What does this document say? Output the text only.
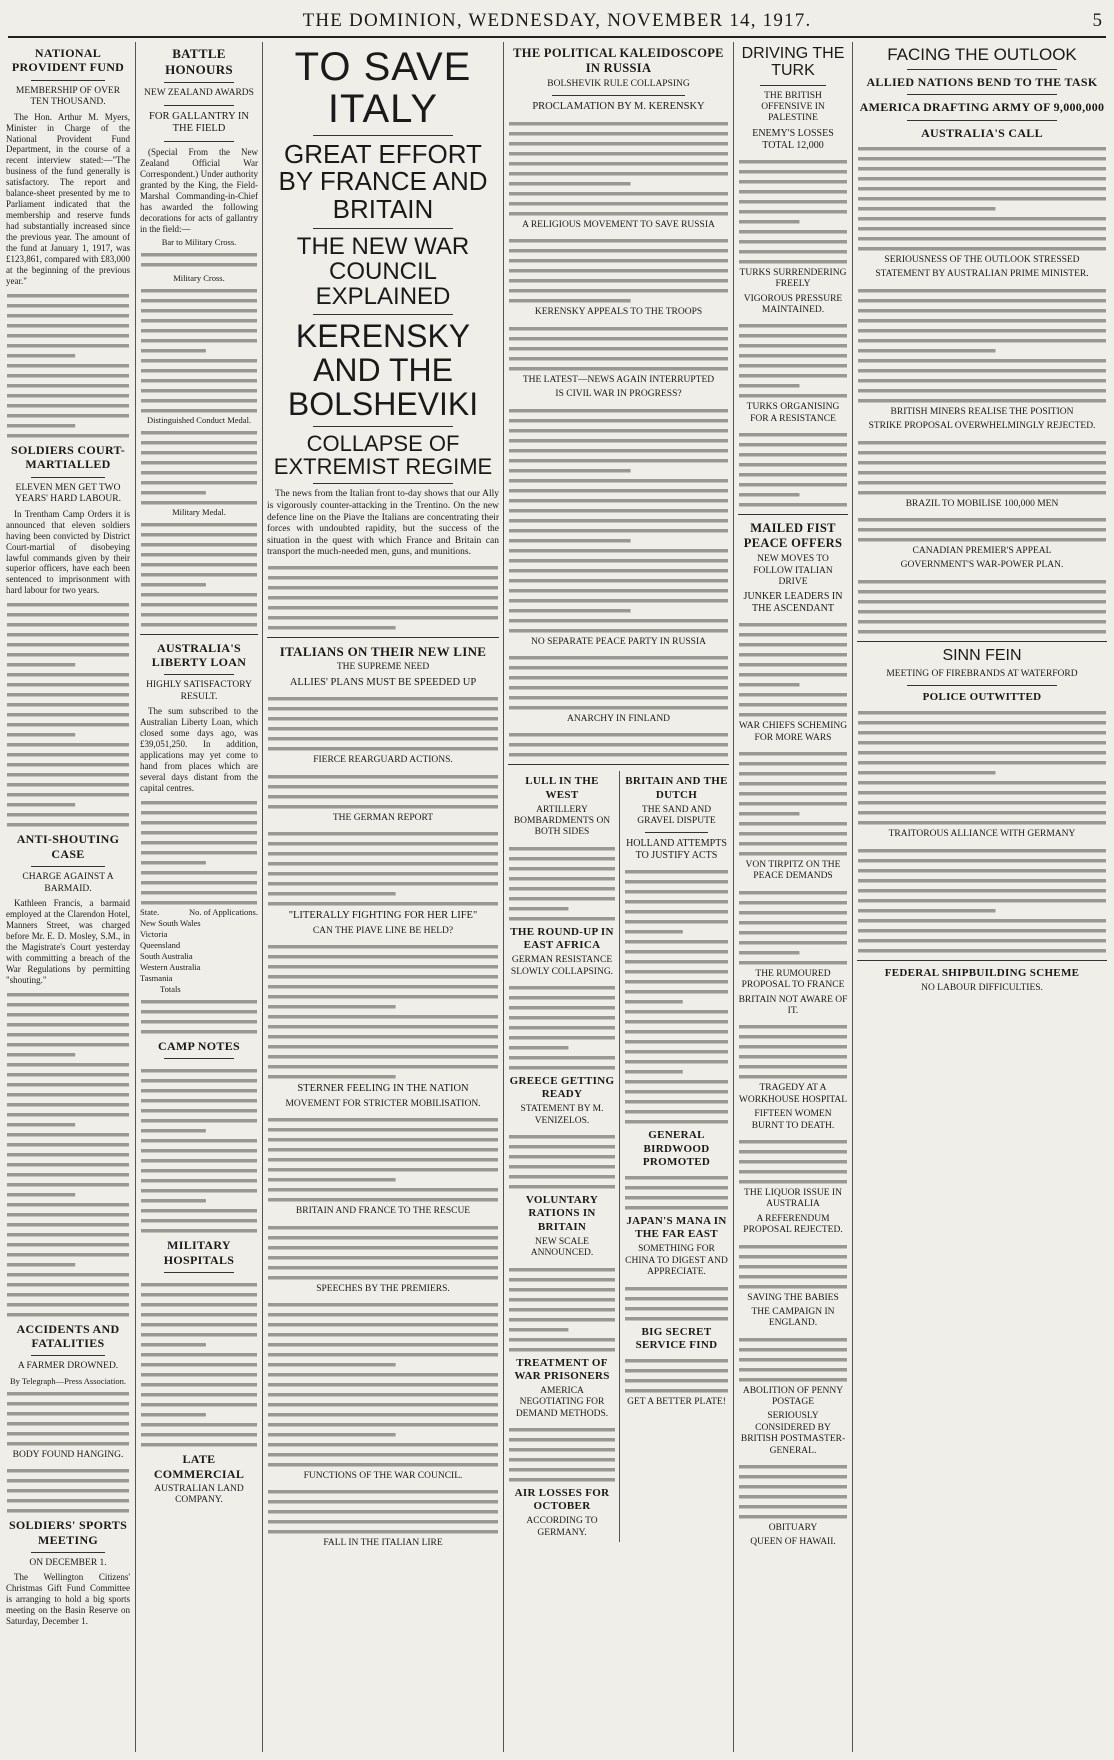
THE DOMINION, WEDNESDAY, NOVEMBER 14, 1917.	5
NATIONAL PROVIDENT FUND
MEMBERSHIP OF OVER TEN THOUSAND.
The Hon. Arthur M. Myers, Minister in Charge of the National Provident Fund Department, in the course of a recent interview stated:—"The business of the fund generally is satisfactory. The report and balance-sheet presented by me to Parliament indicated that the membership and reserve funds had substantially increased since the previous year. The amount of the fund at January 1, 1917, was £123,861, compared with £83,000 at the beginning of the previous year."
SOLDIERS COURT-MARTIALLED
ELEVEN MEN GET TWO YEARS' HARD LABOUR.
In Trentham Camp Orders it is announced that eleven soldiers having been convicted by District Court-martial of disobeying lawful commands given by their superior officers, have each been sentenced to imprisonment with hard labour for two years.
ANTI-SHOUTING CASE
CHARGE AGAINST A BARMAID.
Kathleen Francis, a barmaid employed at the Clarendon Hotel, Manners Street, was charged before Mr. E. D. Mosley, S.M., in the Magistrate's Court yesterday with committing a breach of the War Regulations by permitting "shouting."
ACCIDENTS AND FATALITIES
A FARMER DROWNED.
By Telegraph—Press Association.
BODY FOUND HANGING.
SOLDIERS' SPORTS MEETING
ON DECEMBER 1.
The Wellington Citizens' Christmas Gift Fund Committee is arranging to hold a big sports meeting on the Basin Reserve on Saturday, December 1.
BATTLE HONOURS
NEW ZEALAND AWARDS
FOR GALLANTRY IN THE FIELD
(Special From the New Zealand Official War Correspondent.) Under authority granted by the King, the Field-Marshal Commanding-in-Chief has awarded the following decorations for acts of gallantry in the field:—
Bar to Military Cross.
Military Cross.
Distinguished Conduct Medal.
Military Medal.
AUSTRALIA'S LIBERTY LOAN
HIGHLY SATISFACTORY RESULT.
The sum subscribed to the Australian Liberty Loan, which closed some days ago, was £39,051,250. In addition, applications may yet come to hand from places which are several days distant from the capital centres.
State.	No. of Applications.
New South Wales
Victoria
Queensland
South Australia
Western Australia
Tasmania
Totals
CAMP NOTES
MILITARY HOSPITALS
LATE COMMERCIAL
AUSTRALIAN LAND COMPANY.
TO SAVE ITALY
GREAT EFFORT BY FRANCE AND BRITAIN
THE NEW WAR COUNCIL EXPLAINED
KERENSKY AND THE BOLSHEVIKI
COLLAPSE OF EXTREMIST REGIME
The news from the Italian front to-day shows that our Ally is vigorously counter-attacking in the Trentino. On the new defence line on the Piave the Italians are concentrating their forces with undoubted rapidity, but the success of the situation in the quest with which France and Britain can transport the much-needed men, guns, and munitions.
ITALIANS ON THEIR NEW LINE
THE SUPREME NEED
ALLIES' PLANS MUST BE SPEEDED UP
FIERCE REARGUARD ACTIONS.
THE GERMAN REPORT
"LITERALLY FIGHTING FOR HER LIFE"
CAN THE PIAVE LINE BE HELD?
STERNER FEELING IN THE NATION
MOVEMENT FOR STRICTER MOBILISATION.
BRITAIN AND FRANCE TO THE RESCUE
SPEECHES BY THE PREMIERS.
FUNCTIONS OF THE WAR COUNCIL.
FALL IN THE ITALIAN LIRE
THE POLITICAL KALEIDOSCOPE IN RUSSIA
BOLSHEVIK RULE COLLAPSING
PROCLAMATION BY M. KERENSKY
A RELIGIOUS MOVEMENT TO SAVE RUSSIA
KERENSKY APPEALS TO THE TROOPS
THE LATEST—NEWS AGAIN INTERRUPTED
IS CIVIL WAR IN PROGRESS?
NO SEPARATE PEACE PARTY IN RUSSIA
ANARCHY IN FINLAND
LULL IN THE WEST
ARTILLERY BOMBARDMENTS ON BOTH SIDES
THE ROUND-UP IN EAST AFRICA
GERMAN RESISTANCE SLOWLY COLLAPSING.
GREECE GETTING READY
STATEMENT BY M. VENIZELOS.
VOLUNTARY RATIONS IN BRITAIN
NEW SCALE ANNOUNCED.
TREATMENT OF WAR PRISONERS
AMERICA NEGOTIATING FOR DEMAND METHODS.
AIR LOSSES FOR OCTOBER
ACCORDING TO GERMANY.
BRITAIN AND THE DUTCH
THE SAND AND GRAVEL DISPUTE
HOLLAND ATTEMPTS TO JUSTIFY ACTS
GENERAL BIRDWOOD PROMOTED
JAPAN'S MANA IN THE FAR EAST
SOMETHING FOR CHINA TO DIGEST AND APPRECIATE.
BIG SECRET SERVICE FIND
GET A BETTER PLATE!
DRIVING THE TURK
THE BRITISH OFFENSIVE IN PALESTINE
ENEMY'S LOSSES TOTAL 12,000
TURKS SURRENDERING FREELY
VIGOROUS PRESSURE MAINTAINED.
TURKS ORGANISING FOR A RESISTANCE
MAILED FIST PEACE OFFERS
NEW MOVES TO FOLLOW ITALIAN DRIVE
JUNKER LEADERS IN THE ASCENDANT
WAR CHIEFS SCHEMING FOR MORE WARS
VON TIRPITZ ON THE PEACE DEMANDS
THE RUMOURED PROPOSAL TO FRANCE
BRITAIN NOT AWARE OF IT.
TRAGEDY AT A WORKHOUSE HOSPITAL
FIFTEEN WOMEN BURNT TO DEATH.
THE LIQUOR ISSUE IN AUSTRALIA
A REFERENDUM PROPOSAL REJECTED.
SAVING THE BABIES
THE CAMPAIGN IN ENGLAND.
ABOLITION OF PENNY POSTAGE
SERIOUSLY CONSIDERED BY BRITISH POSTMASTER-GENERAL.
OBITUARY
QUEEN OF HAWAII.
FACING THE OUTLOOK
ALLIED NATIONS BEND TO THE TASK
AMERICA DRAFTING ARMY OF 9,000,000
AUSTRALIA'S CALL
SERIOUSNESS OF THE OUTLOOK STRESSED
STATEMENT BY AUSTRALIAN PRIME MINISTER.
BRITISH MINERS REALISE THE POSITION
STRIKE PROPOSAL OVERWHELMINGLY REJECTED.
BRAZIL TO MOBILISE 100,000 MEN
CANADIAN PREMIER'S APPEAL
GOVERNMENT'S WAR-POWER PLAN.
SINN FEIN
MEETING OF FIREBRANDS AT WATERFORD
POLICE OUTWITTED
TRAITOROUS ALLIANCE WITH GERMANY
FEDERAL SHIPBUILDING SCHEME
NO LABOUR DIFFICULTIES.
